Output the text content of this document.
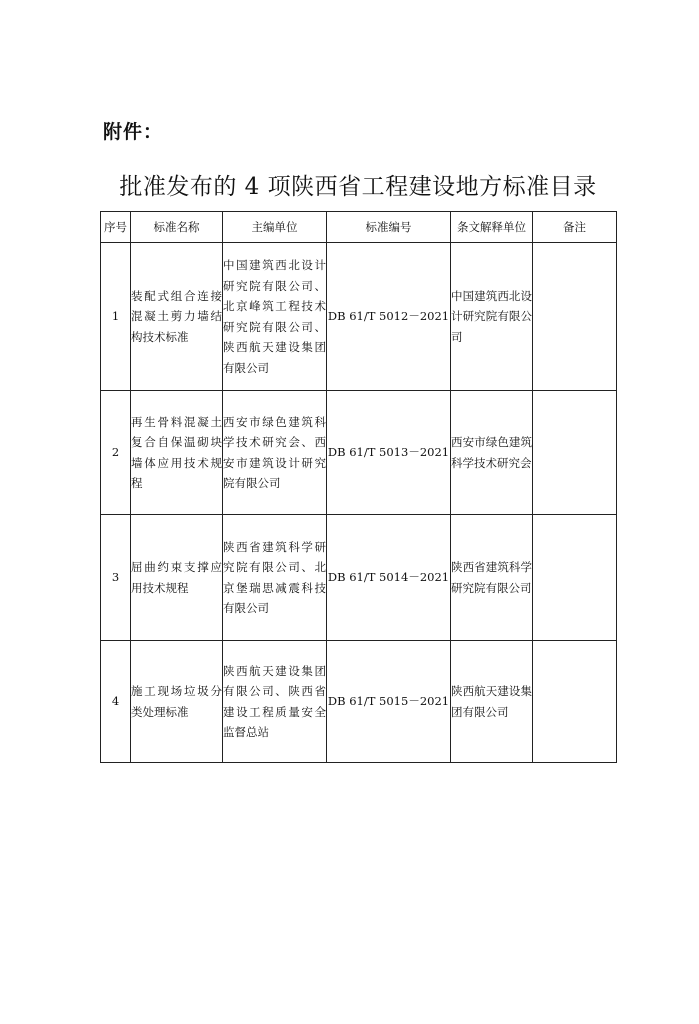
附件：
批准发布的 4 项陕西省工程建设地方标准目录
序号	标准名称	主编单位	标准编号	条文解释单位	备注
1	装配式组合连接混凝土剪力墙结构技术标准	中国建筑西北设计研究院有限公司、北京峰筑工程技术研究院有限公司、陕西航天建设集团有限公司	DB 61/T 5012－2021	中国建筑西北设计研究院有限公司	
2	再生骨料混凝土复合自保温砌块墙体应用技术规程	西安市绿色建筑科学技术研究会、西安市建筑设计研究院有限公司	DB 61/T 5013－2021	西安市绿色建筑科学技术研究会	
3	屈曲约束支撑应用技术规程	陕西省建筑科学研究院有限公司、北京堡瑞思减震科技有限公司	DB 61/T 5014－2021	陕西省建筑科学研究院有限公司	
4	施工现场垃圾分类处理标准	陕西航天建设集团有限公司、陕西省建设工程质量安全监督总站	DB 61/T 5015－2021	陕西航天建设集团有限公司	
